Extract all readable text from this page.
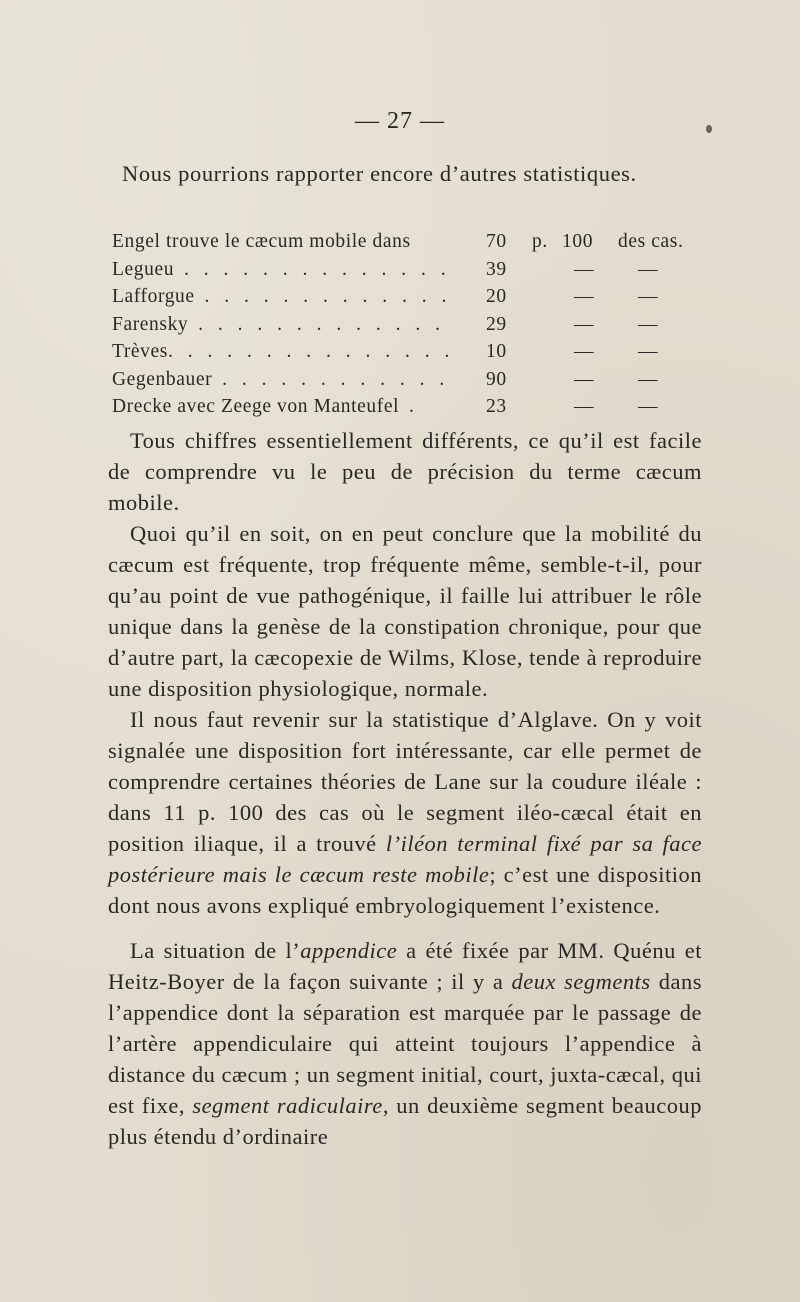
— 27 —

Nous pourrions rapporter encore d’autres statistiques.

Engel trouve le cæcum mobile dans	70	p. 100 des cas.
Legueu . . . . . . . . . . . . . .	39	— —
Lafforgue . . . . . . . . . . . . .	20	— —
Farensky . . . . . . . . . . . . .	29	— —
Trèves. . . . . . . . . . . . . . .	10	— —
Gegenbauer . . . . . . . . . . . .	90	— —
Drecke avec Zeege von Manteufel .	23	— —

Tous chiffres essentiellement différents, ce qu’il est facile de comprendre vu le peu de précision du terme cæcum mobile.

Quoi qu’il en soit, on en peut conclure que la mobilité du cæcum est fréquente, trop fréquente même, semble-t-il, pour qu’au point de vue pathogénique, il faille lui attribuer le rôle unique dans la genèse de la constipation chronique, pour que d’autre part, la cæcopexie de Wilms, Klose, tende à reproduire une disposition physiologique, normale.

Il nous faut revenir sur la statistique d’Alglave. On y voit signalée une disposition fort intéressante, car elle permet de comprendre certaines théories de Lane sur la coudure iléale : dans 11 p. 100 des cas où le segment iléo-cæcal était en position iliaque, il a trouvé l’iléon terminal fixé par sa face postérieure mais le cæcum reste mobile; c’est une disposition dont nous avons expliqué embryologiquement l’existence.

La situation de l’appendice a été fixée par MM. Quénu et Heitz-Boyer de la façon suivante ; il y a deux segments dans l’appendice dont la séparation est marquée par le passage de l’artère appendiculaire qui atteint toujours l’appendice à distance du cæcum ; un segment initial, court, juxta-cæcal, qui est fixe, segment radiculaire, un deuxième segment beaucoup plus étendu d’ordinaire
